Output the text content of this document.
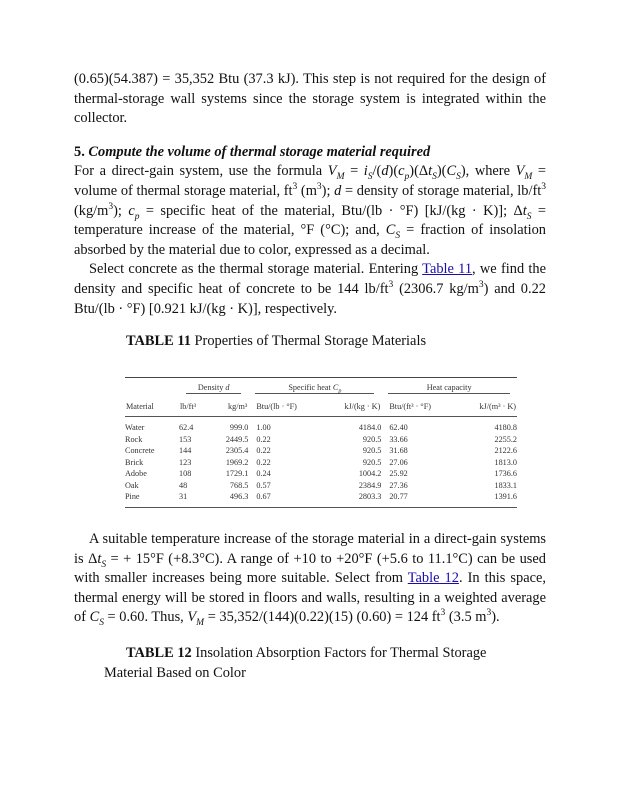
(0.65)(54.387) = 35,352 Btu (37.3 kJ). This step is not required for the design of thermal-storage wall systems since the storage system is integrated within the collector.

5. Compute the volume of thermal storage material required

For a direct-gain system, use the formula $V_M = i_S/(d)(c_p)(\Delta t_S)(C_S)$, where $V_M$ = volume of thermal storage material, $ft^3$ $(m^3)$; d = density of storage material, $lb/ft^3$ $(kg/m^3)$; $c_p$ = specific heat of the material, Btu/(lb · °F) [kJ/(kg · K)]; $\Delta t_S$ = temperature increase of the material, °F (°C); and, $C_S$ = fraction of insolation absorbed by the material due to color, expressed as a decimal.

Select concrete as the thermal storage material. Entering Table 11, we find the density and specific heat of concrete to be 144 $lb/ft^3$ (2306.7 $kg/m^3$) and 0.22 Btu/(lb · °F) [0.921 kJ/(kg · K)], respectively.

TABLE 11 Properties of Thermal Storage Materials

	Density d		Specific heat $C_p$		Heat capacity	

Material	lb/ft³	kg/m³	Btu/(lb · °F)	kJ/(kg · K)	Btu/(ft³ · °F)	kJ/(m³ · K)
Water	62.4	999.0	1.00	4184.0	62.40	4180.8
Rock	153	2449.5	0.22	920.5	33.66	2255.2
Concrete	144	2305.4	0.22	920.5	31.68	2122.6
Brick	123	1969.2	0.22	920.5	27.06	1813.0
Adobe	108	1729.1	0.24	1004.2	25.92	1736.6
Oak	48	768.5	0.57	2384.9	27.36	1833.1
Pine	31	496.3	0.67	2803.3	20.77	1391.6

A suitable temperature increase of the storage material in a direct-gain systems is $\Delta t_S$ = + 15°F (+8.3°C). A range of +10 to +20°F (+5.6 to 11.1°C) can be used with smaller increases being more suitable. Select from Table 12. In this space, thermal energy will be stored in floors and walls, resulting in a weighted average of $C_S = 0.60$. Thus, $V_M = 35,352/(144)(0.22)(15) (0.60) = 124$ $ft^3$ (3.5 $m^3$).

TABLE 12 Insolation Absorption Factors for Thermal Storage
Material Based on Color
